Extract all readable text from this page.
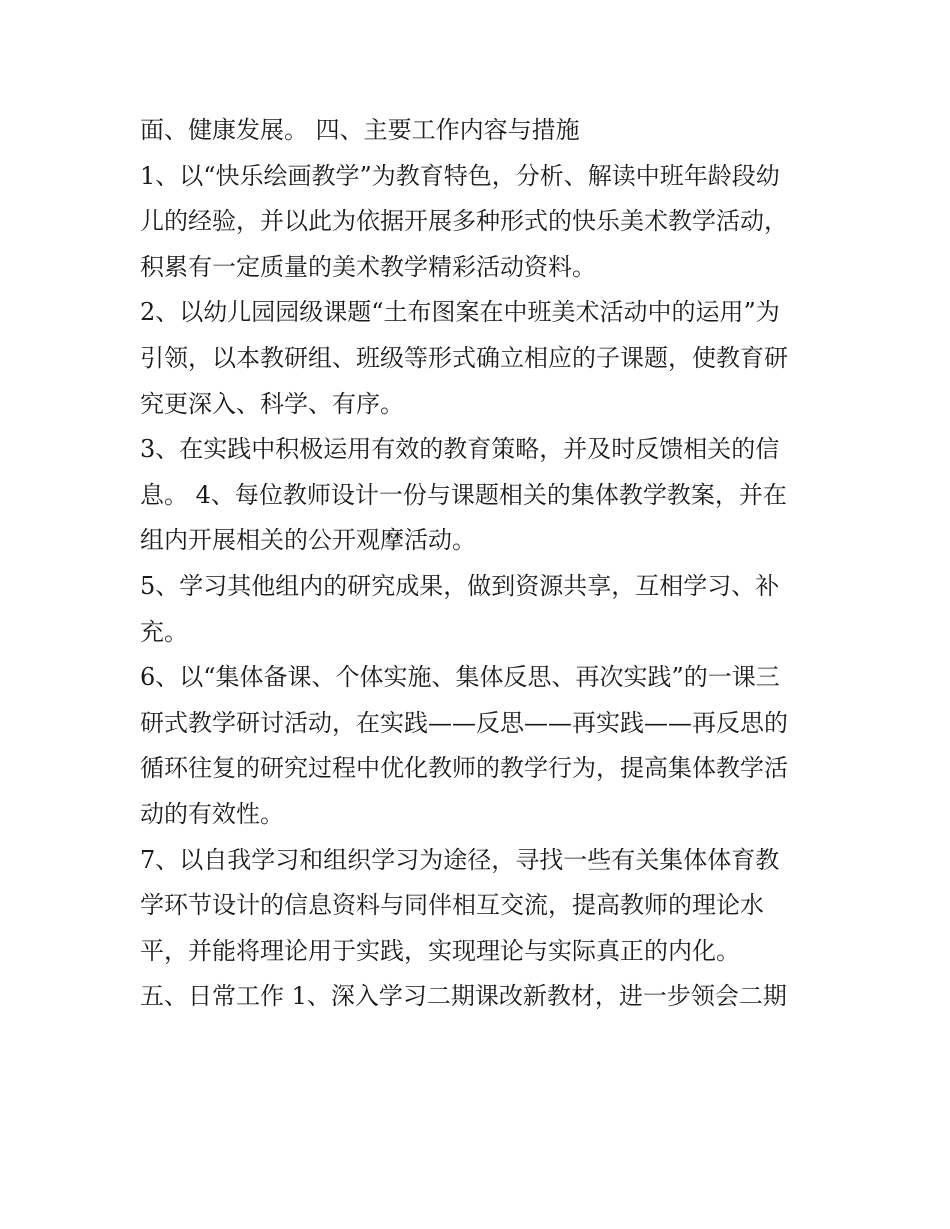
面、健康发展。 四、主要工作内容与措施

1、以“快乐绘画教学”为教育特色，分析、解读中班年龄段幼

儿的经验，并以此为依据开展多种形式的快乐美术教学活动，

积累有一定质量的美术教学精彩活动资料。

2、以幼儿园园级课题“土布图案在中班美术活动中的运用”为

引领，以本教研组、班级等形式确立相应的子课题，使教育研

究更深入、科学、有序。

3、在实践中积极运用有效的教育策略，并及时反馈相关的信

息。 4、每位教师设计一份与课题相关的集体教学教案，并在

组内开展相关的公开观摩活动。

5、学习其他组内的研究成果，做到资源共享，互相学习、补

充。

6、以“集体备课、个体实施、集体反思、再次实践”的一课三

研式教学研讨活动，在实践——反思——再实践——再反思的

循环往复的研究过程中优化教师的教学行为，提高集体教学活

动的有效性。

7、以自我学习和组织学习为途径，寻找一些有关集体体育教

学环节设计的信息资料与同伴相互交流，提高教师的理论水

平，并能将理论用于实践，实现理论与实际真正的内化。

五、日常工作 1、深入学习二期课改新教材，进一步领会二期
